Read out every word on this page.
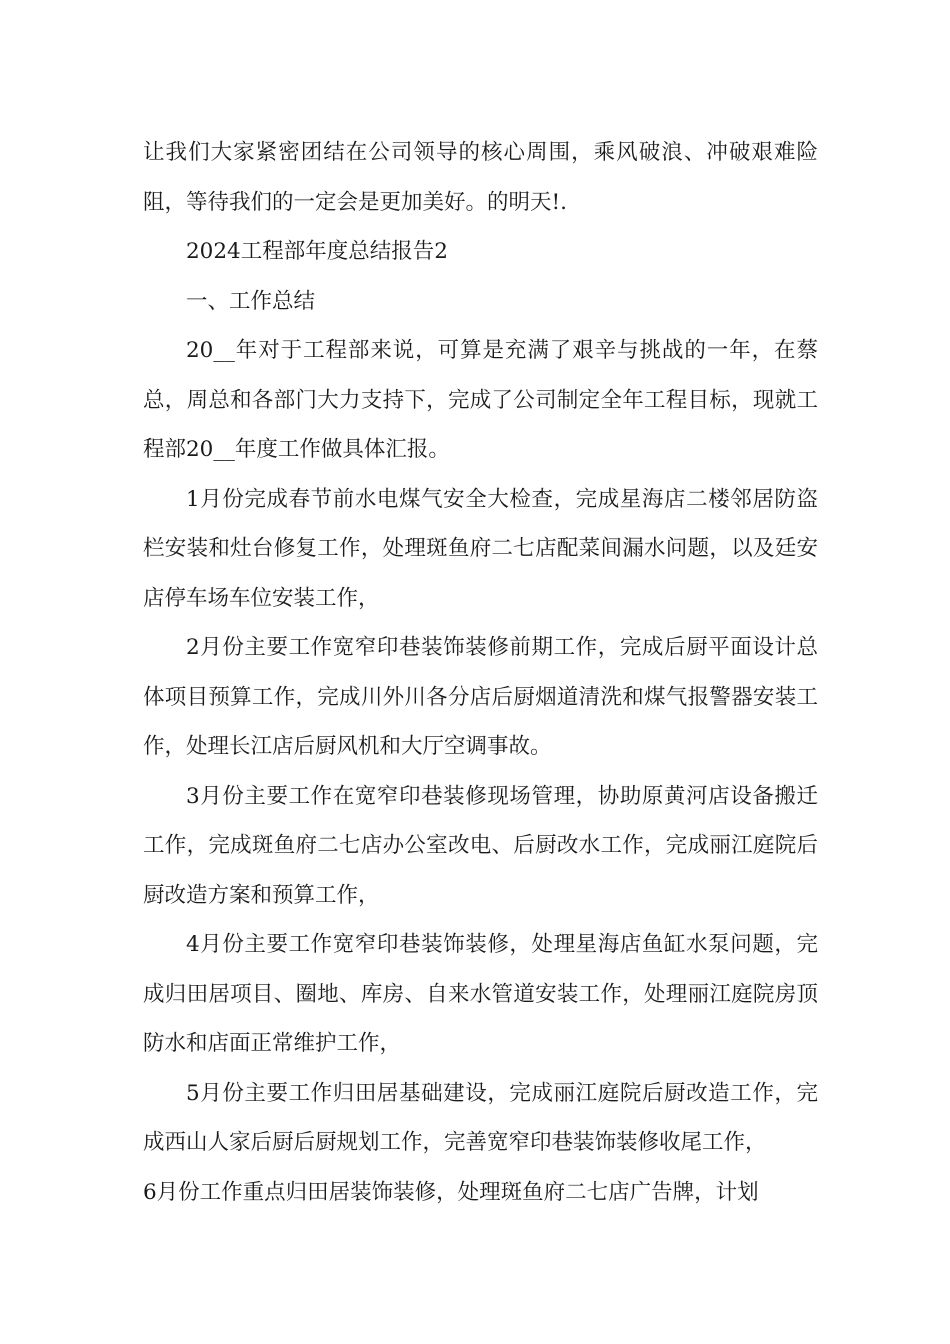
让我们大家紧密团结在公司领导的核心周围，乘风破浪、冲破艰难险阻，等待我们的一定会是更加美好。的明天!.

2024工程部年度总结报告2

一、工作总结

20__年对于工程部来说，可算是充满了艰辛与挑战的一年，在蔡总，周总和各部门大力支持下，完成了公司制定全年工程目标，现就工程部20__年度工作做具体汇报。

1月份完成春节前水电煤气安全大检查，完成星海店二楼邻居防盗栏安装和灶台修复工作，处理斑鱼府二七店配菜间漏水问题，以及廷安店停车场车位安装工作，

2月份主要工作宽窄印巷装饰装修前期工作，完成后厨平面设计总体项目预算工作，完成川外川各分店后厨烟道清洗和煤气报警器安装工作，处理长江店后厨风机和大厅空调事故。

3月份主要工作在宽窄印巷装修现场管理，协助原黄河店设备搬迁工作，完成斑鱼府二七店办公室改电、后厨改水工作，完成丽江庭院后厨改造方案和预算工作，

4月份主要工作宽窄印巷装饰装修，处理星海店鱼缸水泵问题，完成归田居项目、圈地、库房、自来水管道安装工作，处理丽江庭院房顶防水和店面正常维护工作，

5月份主要工作归田居基础建设，完成丽江庭院后厨改造工作，完成西山人家后厨后厨规划工作，完善宽窄印巷装饰装修收尾工作，

6月份工作重点归田居装饰装修，处理斑鱼府二七店广告牌，计划
